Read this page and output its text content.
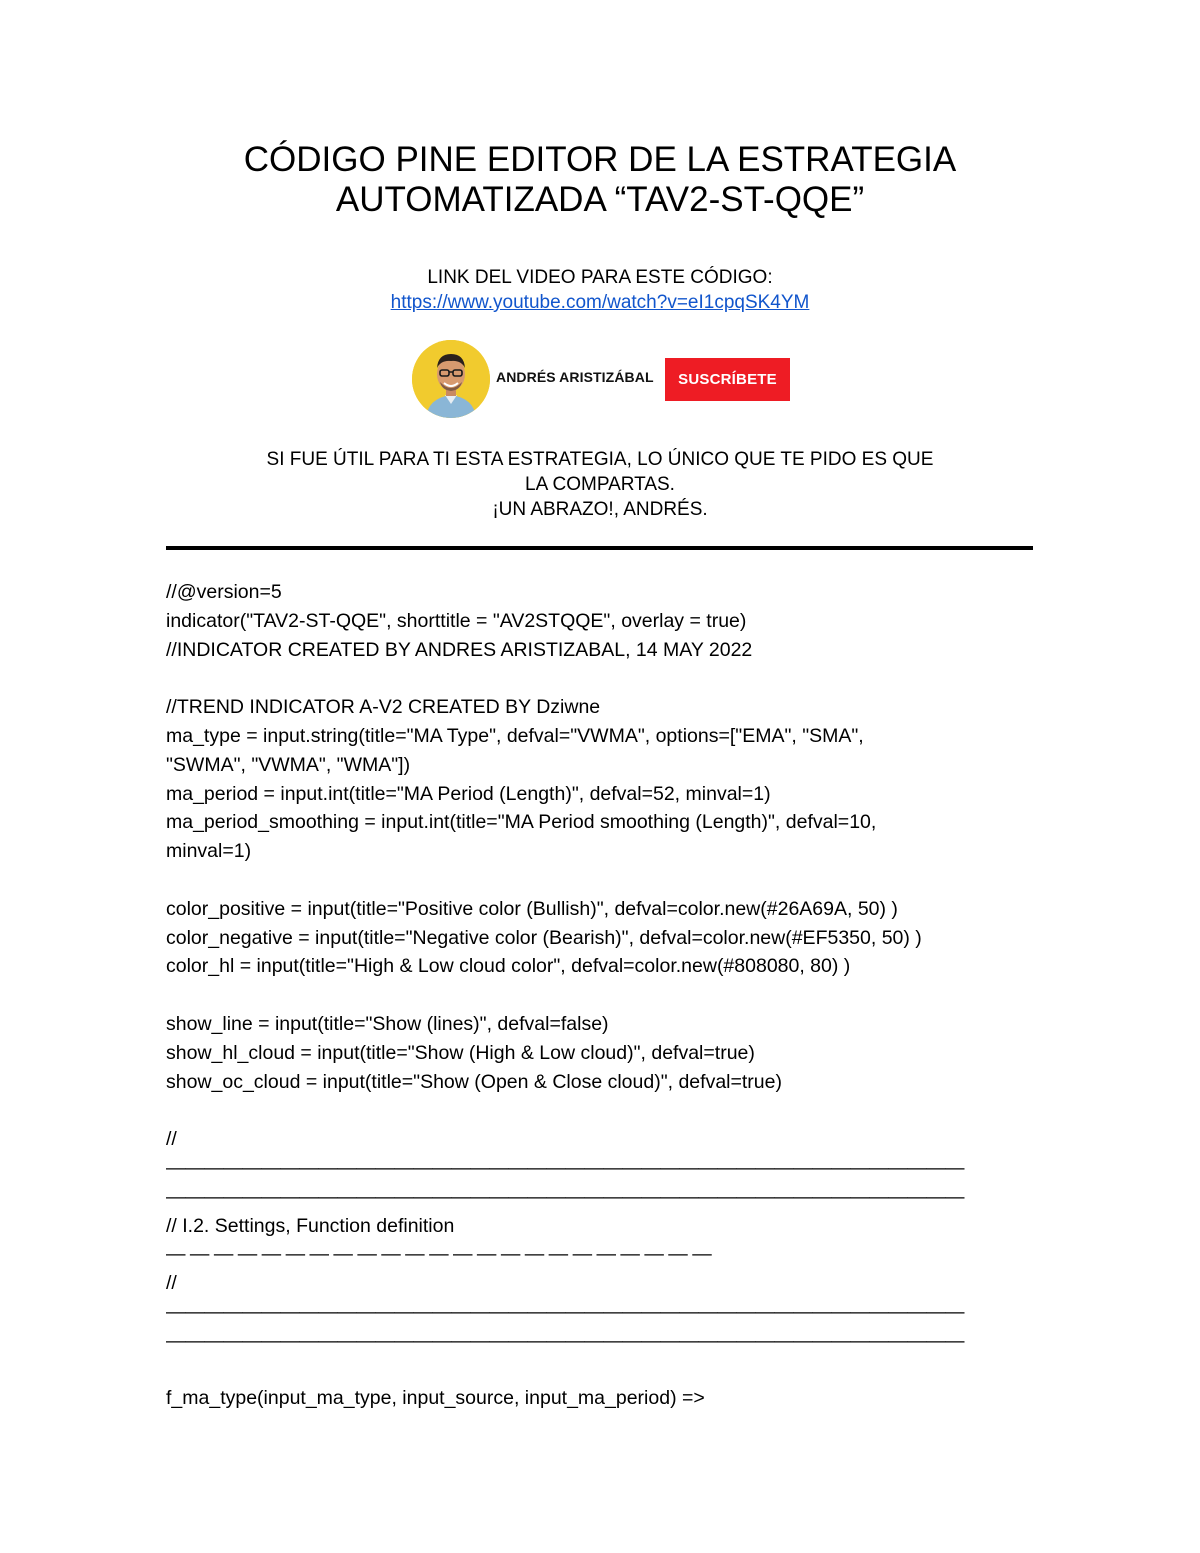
CÓDIGO PINE EDITOR DE LA ESTRATEGIA
AUTOMATIZADA “TAV2-ST-QQE”
LINK DEL VIDEO PARA ESTE CÓDIGO:
https://www.youtube.com/watch?v=eI1cpqSK4YM
ANDRÉS ARISTIZÁBAL	SUSCRÍBETE
SI FUE ÚTIL PARA TI ESTA ESTRATEGIA, LO ÚNICO QUE TE PIDO ES QUE
LA COMPARTAS.
¡UN ABRAZO!, ANDRÉS.
//@version=5
indicator("TAV2-ST-QQE", shorttitle = "AV2STQQE", overlay = true)
//INDICATOR CREATED BY ANDRES ARISTIZABAL, 14 MAY 2022
//TREND INDICATOR A-V2 CREATED BY Dziwne
ma_type = input.string(title="MA Type", defval="VWMA", options=["EMA", "SMA",
"SWMA", "VWMA", "WMA"])
ma_period = input.int(title="MA Period (Length)", defval=52, minval=1)
ma_period_smoothing = input.int(title="MA Period smoothing (Length)", defval=10,
minval=1)
color_positive = input(title="Positive color (Bullish)", defval=color.new(#26A69A, 50) )
color_negative = input(title="Negative color (Bearish)", defval=color.new(#EF5350, 50) )
color_hl = input(title="High & Low cloud color", defval=color.new(#808080, 80) )
show_line = input(title="Show (lines)", defval=false)
show_hl_cloud = input(title="Show (High & Low cloud)", defval=true)
show_oc_cloud = input(title="Show (Open & Close cloud)", defval=true)
//
——————————————————————————————————————————
——————————————————————————————————————————
// I.2. Settings, Function definition
— — — — — — — — — — — — — — — — — — — — — — —
//
——————————————————————————————————————————
——————————————————————————————————————————
f_ma_type(input_ma_type, input_source, input_ma_period) =>
